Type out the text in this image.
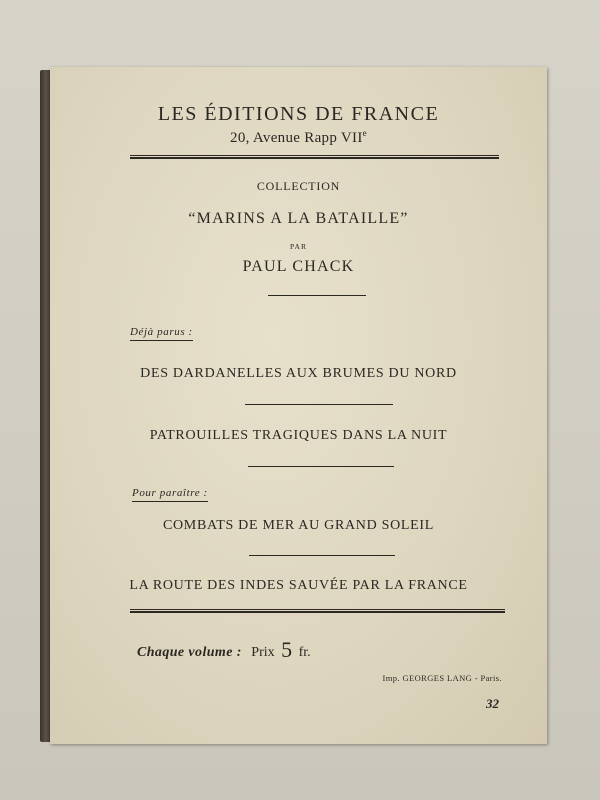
LES ÉDITIONS DE FRANCE
20, Avenue Rapp VIIe
COLLECTION
“MARINS A LA BATAILLE”
PAR
PAUL CHACK
Déjà parus :
DES DARDANELLES AUX BRUMES DU NORD
PATROUILLES TRAGIQUES DANS LA NUIT
Pour paraître :
COMBATS DE MER AU GRAND SOLEIL
LA ROUTE DES INDES SAUVÉE PAR LA FRANCE
Chaque volume : Prix 5 fr.
Imp. GEORGES LANG - Paris.
32
